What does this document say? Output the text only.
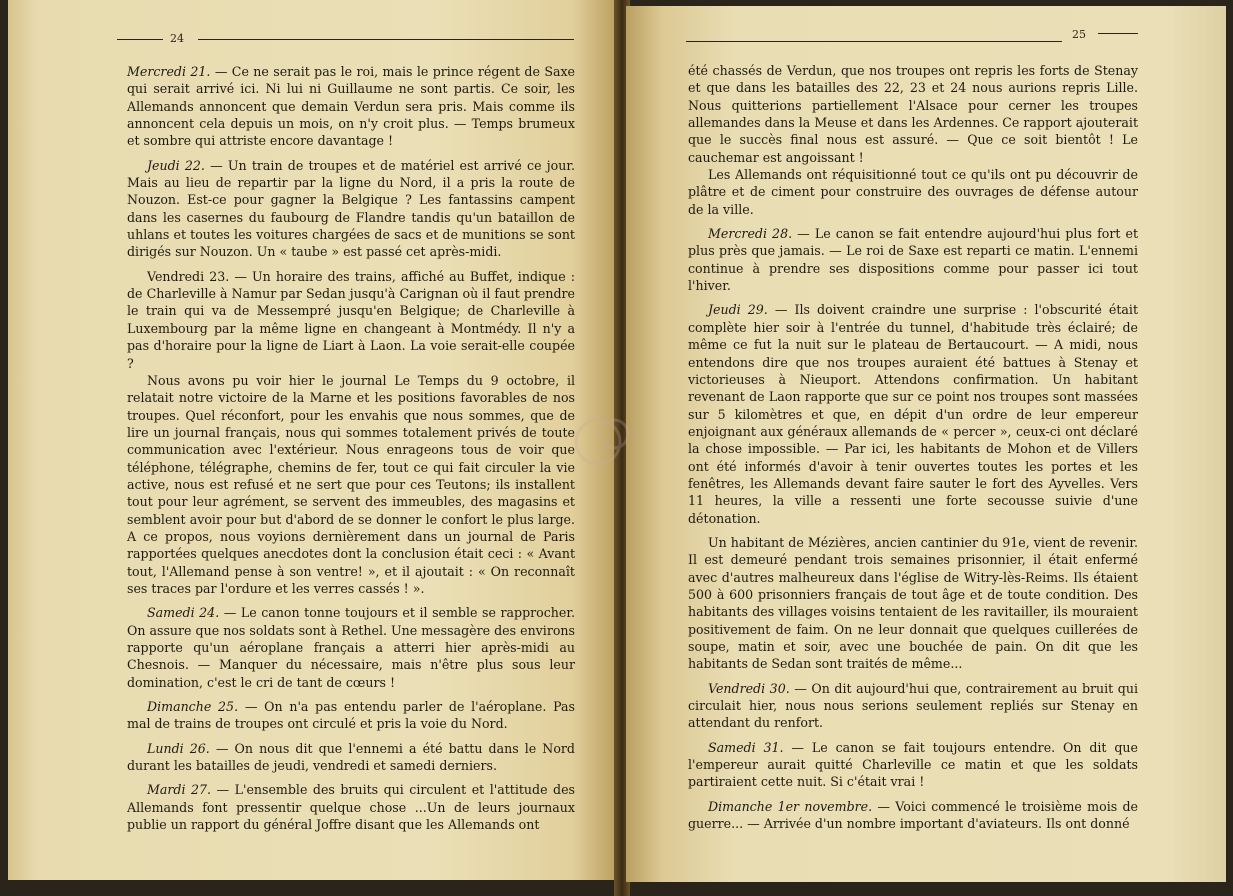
24

Mercredi 21. — Ce ne serait pas le roi, mais le prince régent de Saxe qui serait arrivé ici. Ni lui ni Guillaume ne sont partis. Ce soir, les Allemands annoncent que demain Verdun sera pris. Mais comme ils annoncent cela depuis un mois, on n'y croit plus. — Temps brumeux et sombre qui attriste encore davantage !

Jeudi 22. — Un train de troupes et de matériel est arrivé ce jour. Mais au lieu de repartir par la ligne du Nord, il a pris la route de Nouzon. Est-ce pour gagner la Belgique ? Les fantassins campent dans les casernes du faubourg de Flandre tandis qu'un bataillon de uhlans et toutes les voitures chargées de sacs et de munitions se sont dirigés sur Nouzon. Un « taube » est passé cet après-midi.

Vendredi 23. — Un horaire des trains, affiché au Buffet, indique : de Charleville à Namur par Sedan jusqu'à Carignan où il faut prendre le train qui va de Messempré jusqu'en Belgique; de Charleville à Luxembourg par la même ligne en changeant à Montmédy. Il n'y a pas d'horaire pour la ligne de Liart à Laon. La voie serait-elle coupée ?

Nous avons pu voir hier le journal Le Temps du 9 octobre, il relatait notre victoire de la Marne et les positions favorables de nos troupes. Quel réconfort, pour les envahis que nous sommes, que de lire un journal français, nous qui sommes totalement privés de toute communication avec l'extérieur. Nous enrageons tous de voir que téléphone, télégraphe, chemins de fer, tout ce qui fait circuler la vie active, nous est refusé et ne sert que pour ces Teutons; ils installent tout pour leur agrément, se servent des immeubles, des magasins et semblent avoir pour but d'abord de se donner le confort le plus large. A ce propos, nous voyions dernièrement dans un journal de Paris rapportées quelques anecdotes dont la conclusion était ceci : « Avant tout, l'Allemand pense à son ventre! », et il ajoutait : « On reconnaît ses traces par l'ordure et les verres cassés ! ».

Samedi 24. — Le canon tonne toujours et il semble se rapprocher. On assure que nos soldats sont à Rethel. Une messagère des environs rapporte qu'un aéroplane français a atterri hier après-midi au Chesnois. — Manquer du nécessaire, mais n'être plus sous leur domination, c'est le cri de tant de cœurs !

Dimanche 25. — On n'a pas entendu parler de l'aéroplane. Pas mal de trains de troupes ont circulé et pris la voie du Nord.

Lundi 26. — On nous dit que l'ennemi a été battu dans le Nord durant les batailles de jeudi, vendredi et samedi derniers.

Mardi 27. — L'ensemble des bruits qui circulent et l'attitude des Allemands font pressentir quelque chose ...Un de leurs journaux publie un rapport du général Joffre disant que les Allemands ont

25

été chassés de Verdun, que nos troupes ont repris les forts de Stenay et que dans les batailles des 22, 23 et 24 nous aurions repris Lille. Nous quitterions partiellement l'Alsace pour cerner les troupes allemandes dans la Meuse et dans les Ardennes. Ce rapport ajouterait que le succès final nous est assuré. — Que ce soit bientôt ! Le cauchemar est angoissant !

Les Allemands ont réquisitionné tout ce qu'ils ont pu découvrir de plâtre et de ciment pour construire des ouvrages de défense autour de la ville.

Mercredi 28. — Le canon se fait entendre aujourd'hui plus fort et plus près que jamais. — Le roi de Saxe est reparti ce matin. L'ennemi continue à prendre ses dispositions comme pour passer ici tout l'hiver.

Jeudi 29. — Ils doivent craindre une surprise : l'obscurité était complète hier soir à l'entrée du tunnel, d'habitude très éclairé; de même ce fut la nuit sur le plateau de Bertaucourt. — A midi, nous entendons dire que nos troupes auraient été battues à Stenay et victorieuses à Nieuport. Attendons confirmation. Un habitant revenant de Laon rapporte que sur ce point nos troupes sont massées sur 5 kilomètres et que, en dépit d'un ordre de leur empereur enjoignant aux généraux allemands de « percer », ceux-ci ont déclaré la chose impossible. — Par ici, les habitants de Mohon et de Villers ont été informés d'avoir à tenir ouvertes toutes les portes et les fenêtres, les Allemands devant faire sauter le fort des Ayvelles. Vers 11 heures, la ville a ressenti une forte secousse suivie d'une détonation.

Un habitant de Mézières, ancien cantinier du 91e, vient de revenir. Il est demeuré pendant trois semaines prisonnier, il était enfermé avec d'autres malheureux dans l'église de Witry-lès-Reims. Ils étaient 500 à 600 prisonniers français de tout âge et de toute condition. Des habitants des villages voisins tentaient de les ravitailler, ils mouraient positivement de faim. On ne leur donnait que quelques cuillerées de soupe, matin et soir, avec une bouchée de pain. On dit que les habitants de Sedan sont traités de même...

Vendredi 30. — On dit aujourd'hui que, contrairement au bruit qui circulait hier, nous nous serions seulement repliés sur Stenay en attendant du renfort.

Samedi 31. — Le canon se fait toujours entendre. On dit que l'empereur aurait quitté Charleville ce matin et que les soldats partiraient cette nuit. Si c'était vrai !

Dimanche 1er novembre. — Voici commencé le troisième mois de guerre... — Arrivée d'un nombre important d'aviateurs. Ils ont donné
